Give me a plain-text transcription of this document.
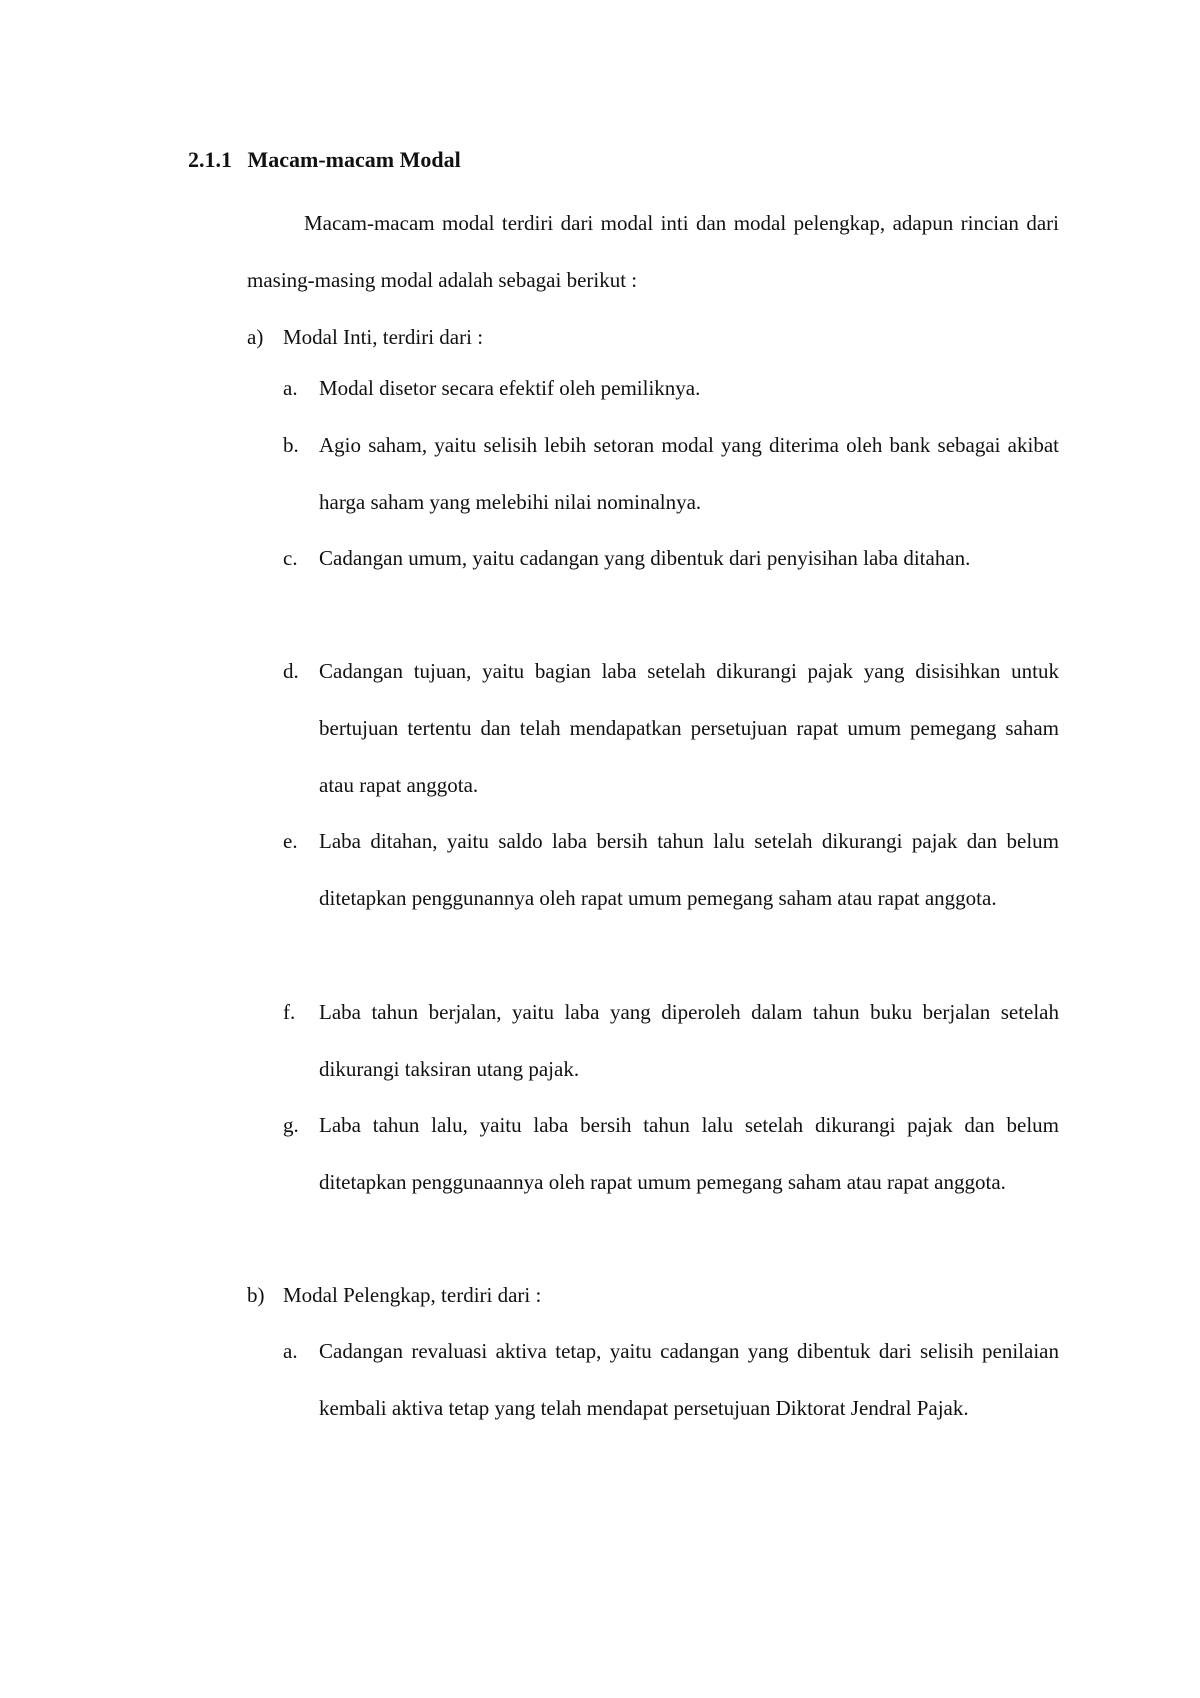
2.1.1 Macam-macam Modal

Macam-macam modal terdiri dari modal inti dan modal pelengkap, adapun rincian dari masing-masing modal adalah sebagai berikut :

a) Modal Inti, terdiri dari :
a.	Modal disetor secara efektif oleh pemiliknya.
b. Agio saham, yaitu selisih lebih setoran modal yang diterima oleh bank sebagai akibat harga saham yang melebihi nilai nominalnya.
c.	Cadangan umum, yaitu cadangan yang dibentuk dari penyisihan laba ditahan.
d. Cadangan tujuan, yaitu bagian laba setelah dikurangi pajak yang disisihkan untuk bertujuan tertentu dan telah mendapatkan persetujuan rapat umum pemegang saham atau rapat anggota.
e.	Laba ditahan, yaitu saldo laba bersih tahun lalu setelah dikurangi pajak dan belum ditetapkan penggunannya oleh rapat umum pemegang saham atau rapat anggota.
f.	Laba tahun berjalan, yaitu laba yang diperoleh dalam tahun buku berjalan setelah dikurangi taksiran utang pajak.
g. Laba tahun lalu, yaitu laba bersih tahun lalu setelah dikurangi pajak dan belum ditetapkan penggunaannya oleh rapat umum pemegang saham atau rapat anggota.
b) Modal Pelengkap, terdiri dari :
a.	Cadangan revaluasi aktiva tetap, yaitu cadangan yang dibentuk dari selisih penilaian kembali aktiva tetap yang telah mendapat persetujuan Diktorat Jendral Pajak.
